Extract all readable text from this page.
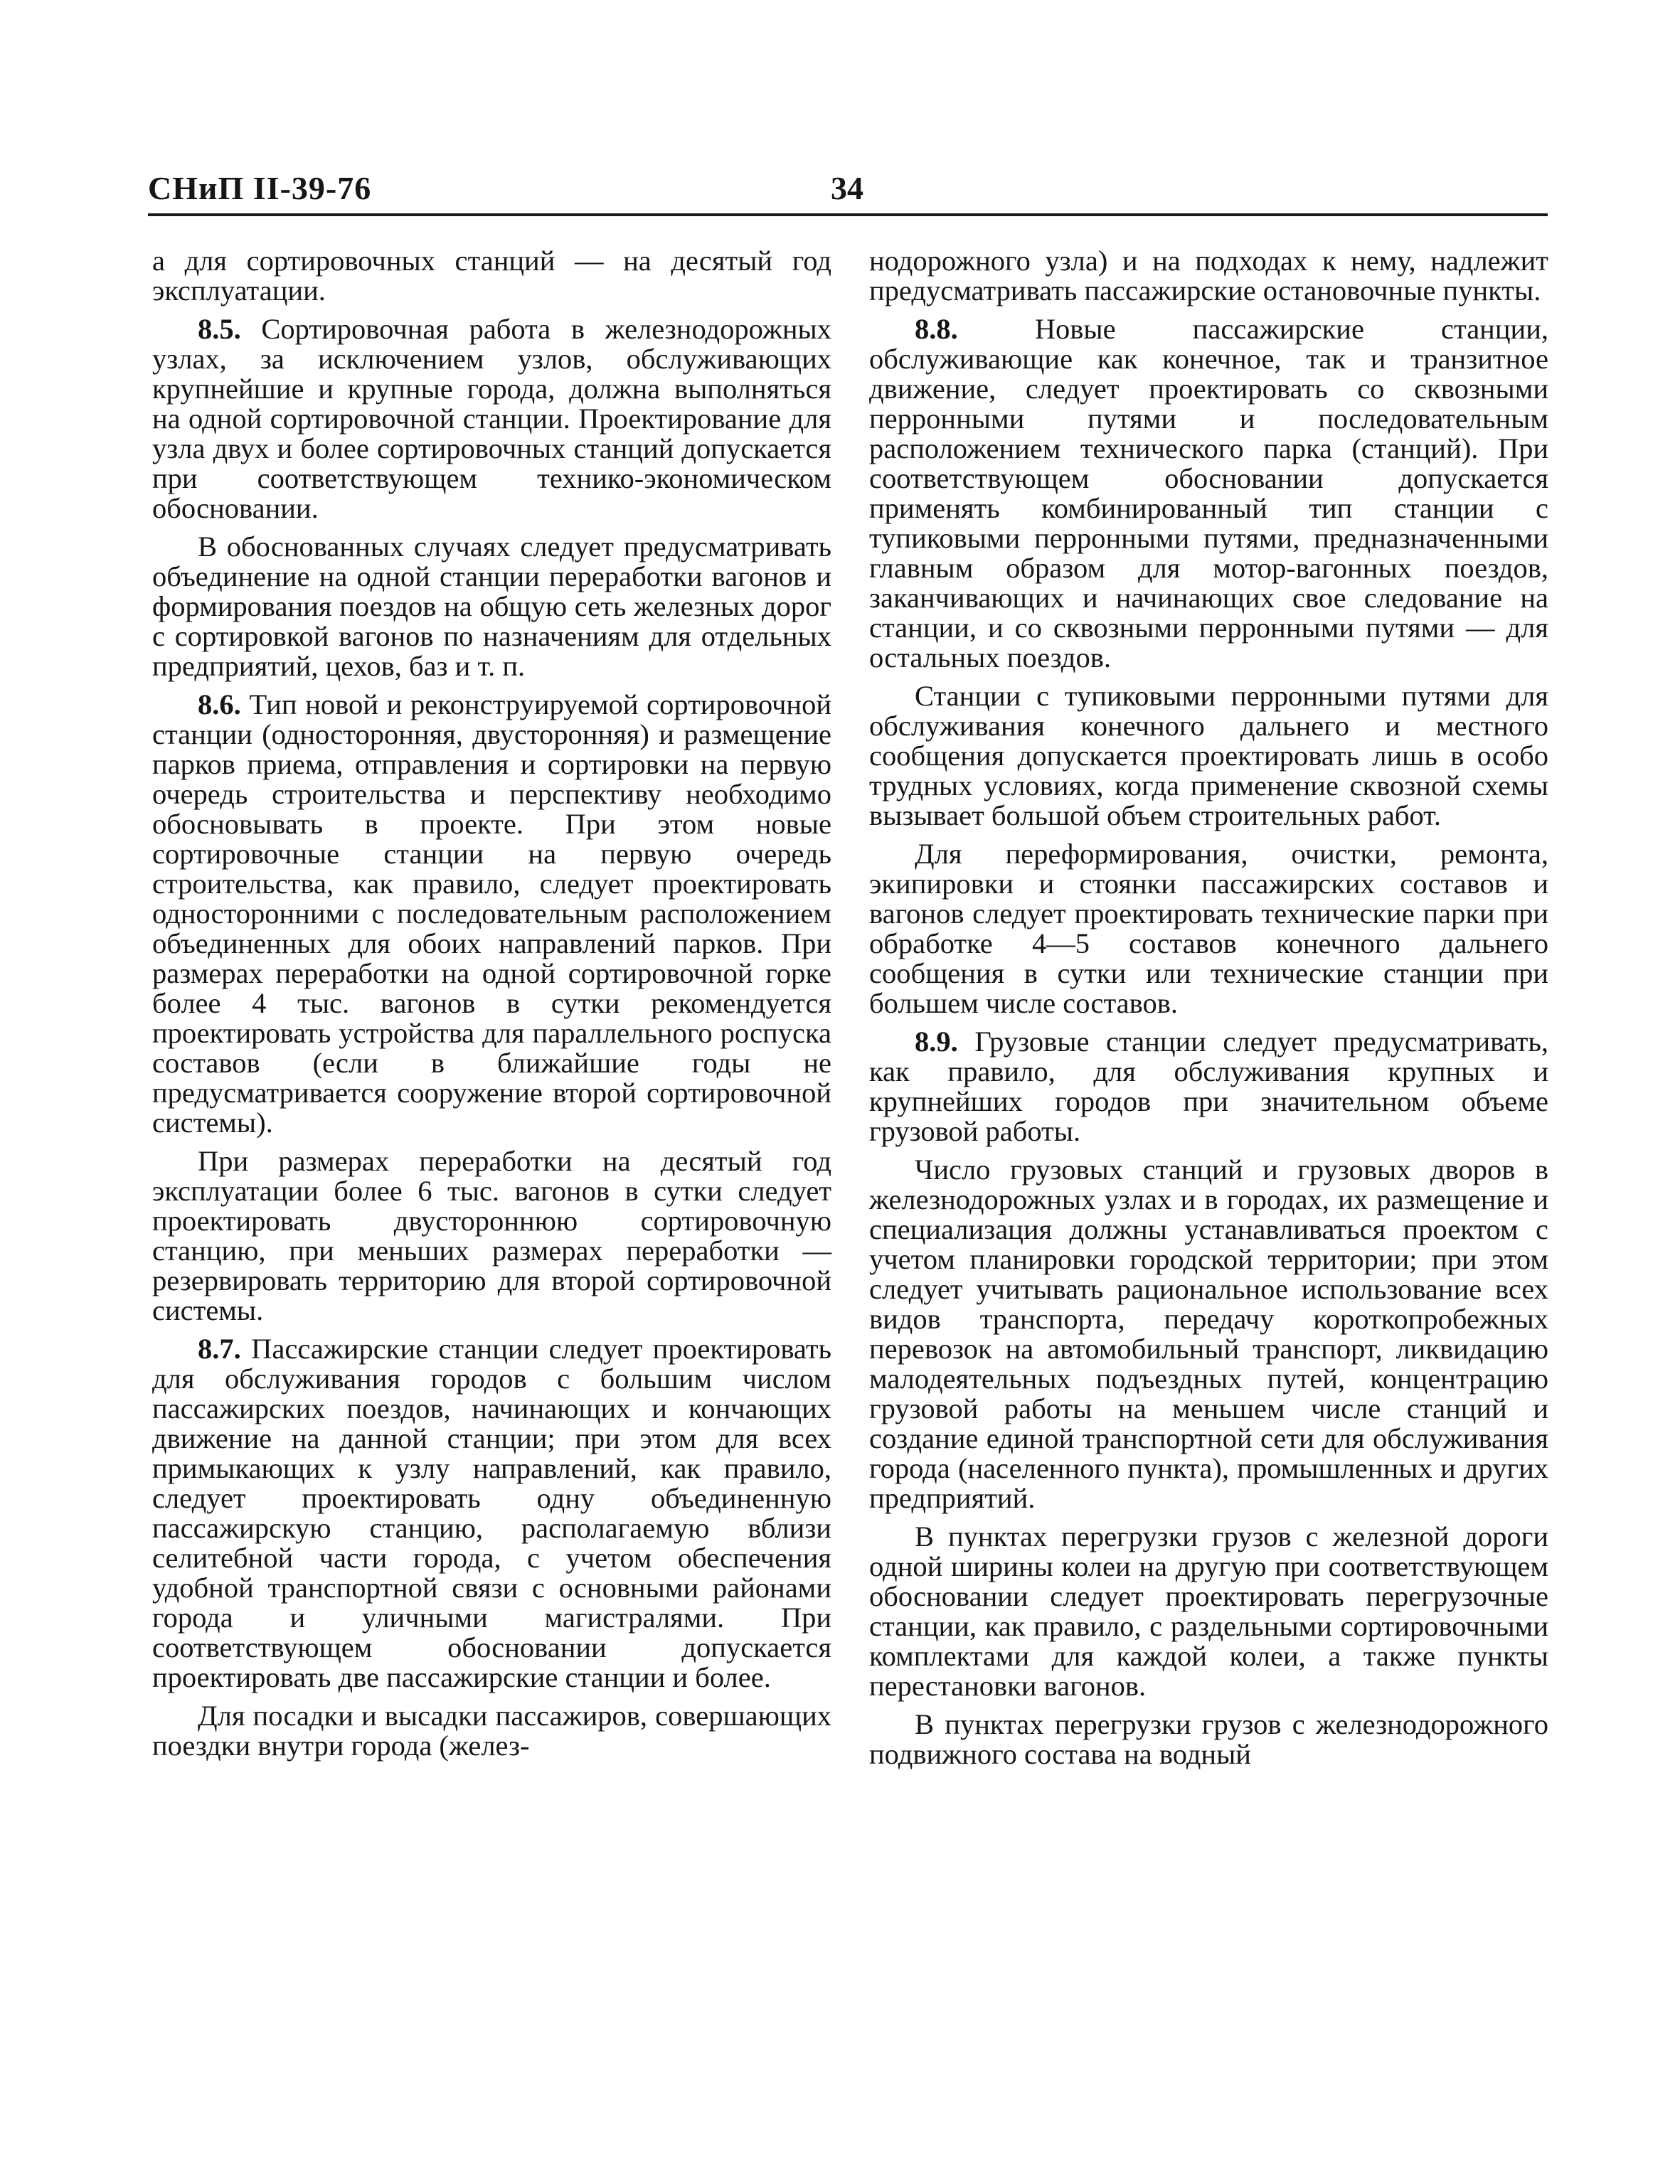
СНиП II-39-76	34

а для сортировочных станций — на десятый год эксплуатации.

8.5. Сортировочная работа в железнодорожных узлах, за исключением узлов, обслуживающих крупнейшие и крупные города, должна выполняться на одной сортировочной станции. Проектирование для узла двух и более сортировочных станций допускается при соответствующем технико-экономическом обосновании.

В обоснованных случаях следует предусматривать объединение на одной станции переработки вагонов и формирования поездов на общую сеть железных дорог с сортировкой вагонов по назначениям для отдельных предприятий, цехов, баз и т. п.

8.6. Тип новой и реконструируемой сортировочной станции (односторонняя, двусторонняя) и размещение парков приема, отправления и сортировки на первую очередь строительства и перспективу необходимо обосновывать в проекте. При этом новые сортировочные станции на первую очередь строительства, как правило, следует проектировать односторонними с последовательным расположением объединенных для обоих направлений парков. При размерах переработки на одной сортировочной горке более 4 тыс. вагонов в сутки рекомендуется проектировать устройства для параллельного роспуска составов (если в ближайшие годы не предусматривается сооружение второй сортировочной системы).

При размерах переработки на десятый год эксплуатации более 6 тыс. вагонов в сутки следует проектировать двустороннюю сортировочную станцию, при меньших размерах переработки — резервировать территорию для второй сортировочной системы.

8.7. Пассажирские станции следует проектировать для обслуживания городов с большим числом пассажирских поездов, начинающих и кончающих движение на данной станции; при этом для всех примыкающих к узлу направлений, как правило, следует проектировать одну объединенную пассажирскую станцию, располагаемую вблизи селитебной части города, с учетом обеспечения удобной транспортной связи с основными районами города и уличными магистралями. При соответствующем обосновании допускается проектировать две пассажирские станции и более.

Для посадки и высадки пассажиров, совершающих поездки внутри города (желез-

нодорожного узла) и на подходах к нему, надлежит предусматривать пассажирские остановочные пункты.

8.8.	Новые пассажирские станции, обслуживающие как конечное, так и транзитное движение, следует проектировать со сквозными перронными путями и последовательным расположением технического парка (станций). При соответствующем обосновании допускается применять комбинированный тип станции с тупиковыми перронными путями, предназначенными главным образом для мотор-вагонных поездов, заканчивающих и начинающих свое следование на станции, и со сквозными перронными путями — для остальных поездов.

Станции с тупиковыми перронными путями для обслуживания конечного дальнего и местного сообщения допускается проектировать лишь в особо трудных условиях, когда применение сквозной схемы вызывает большой объем строительных работ.

Для переформирования, очистки, ремонта, экипировки и стоянки пассажирских составов и вагонов следует проектировать технические парки при обработке 4—5 составов конечного дальнего сообщения в сутки или технические станции при большем числе составов.

8.9. Грузовые станции следует предусматривать, как правило, для обслуживания крупных и крупнейших городов при значительном объеме грузовой работы.

Число грузовых станций и грузовых дворов в железнодорожных узлах и в городах, их размещение и специализация должны устанавливаться проектом с учетом планировки городской территории; при этом следует учитывать рациональное использование всех видов транспорта, передачу короткопробежных перевозок на автомобильный транспорт, ликвидацию малодеятельных подъездных путей, концентрацию грузовой работы на меньшем числе станций и создание единой транспортной сети для обслуживания города (населенного пункта), промышленных и других предприятий.

В пунктах перегрузки грузов с железной дороги одной ширины колеи на другую при соответствующем обосновании следует проектировать перегрузочные станции, как правило, с раздельными сортировочными комплектами для каждой колеи, а также пункты перестановки вагонов.

В пунктах перегрузки грузов с железнодорожного подвижного состава на водный
